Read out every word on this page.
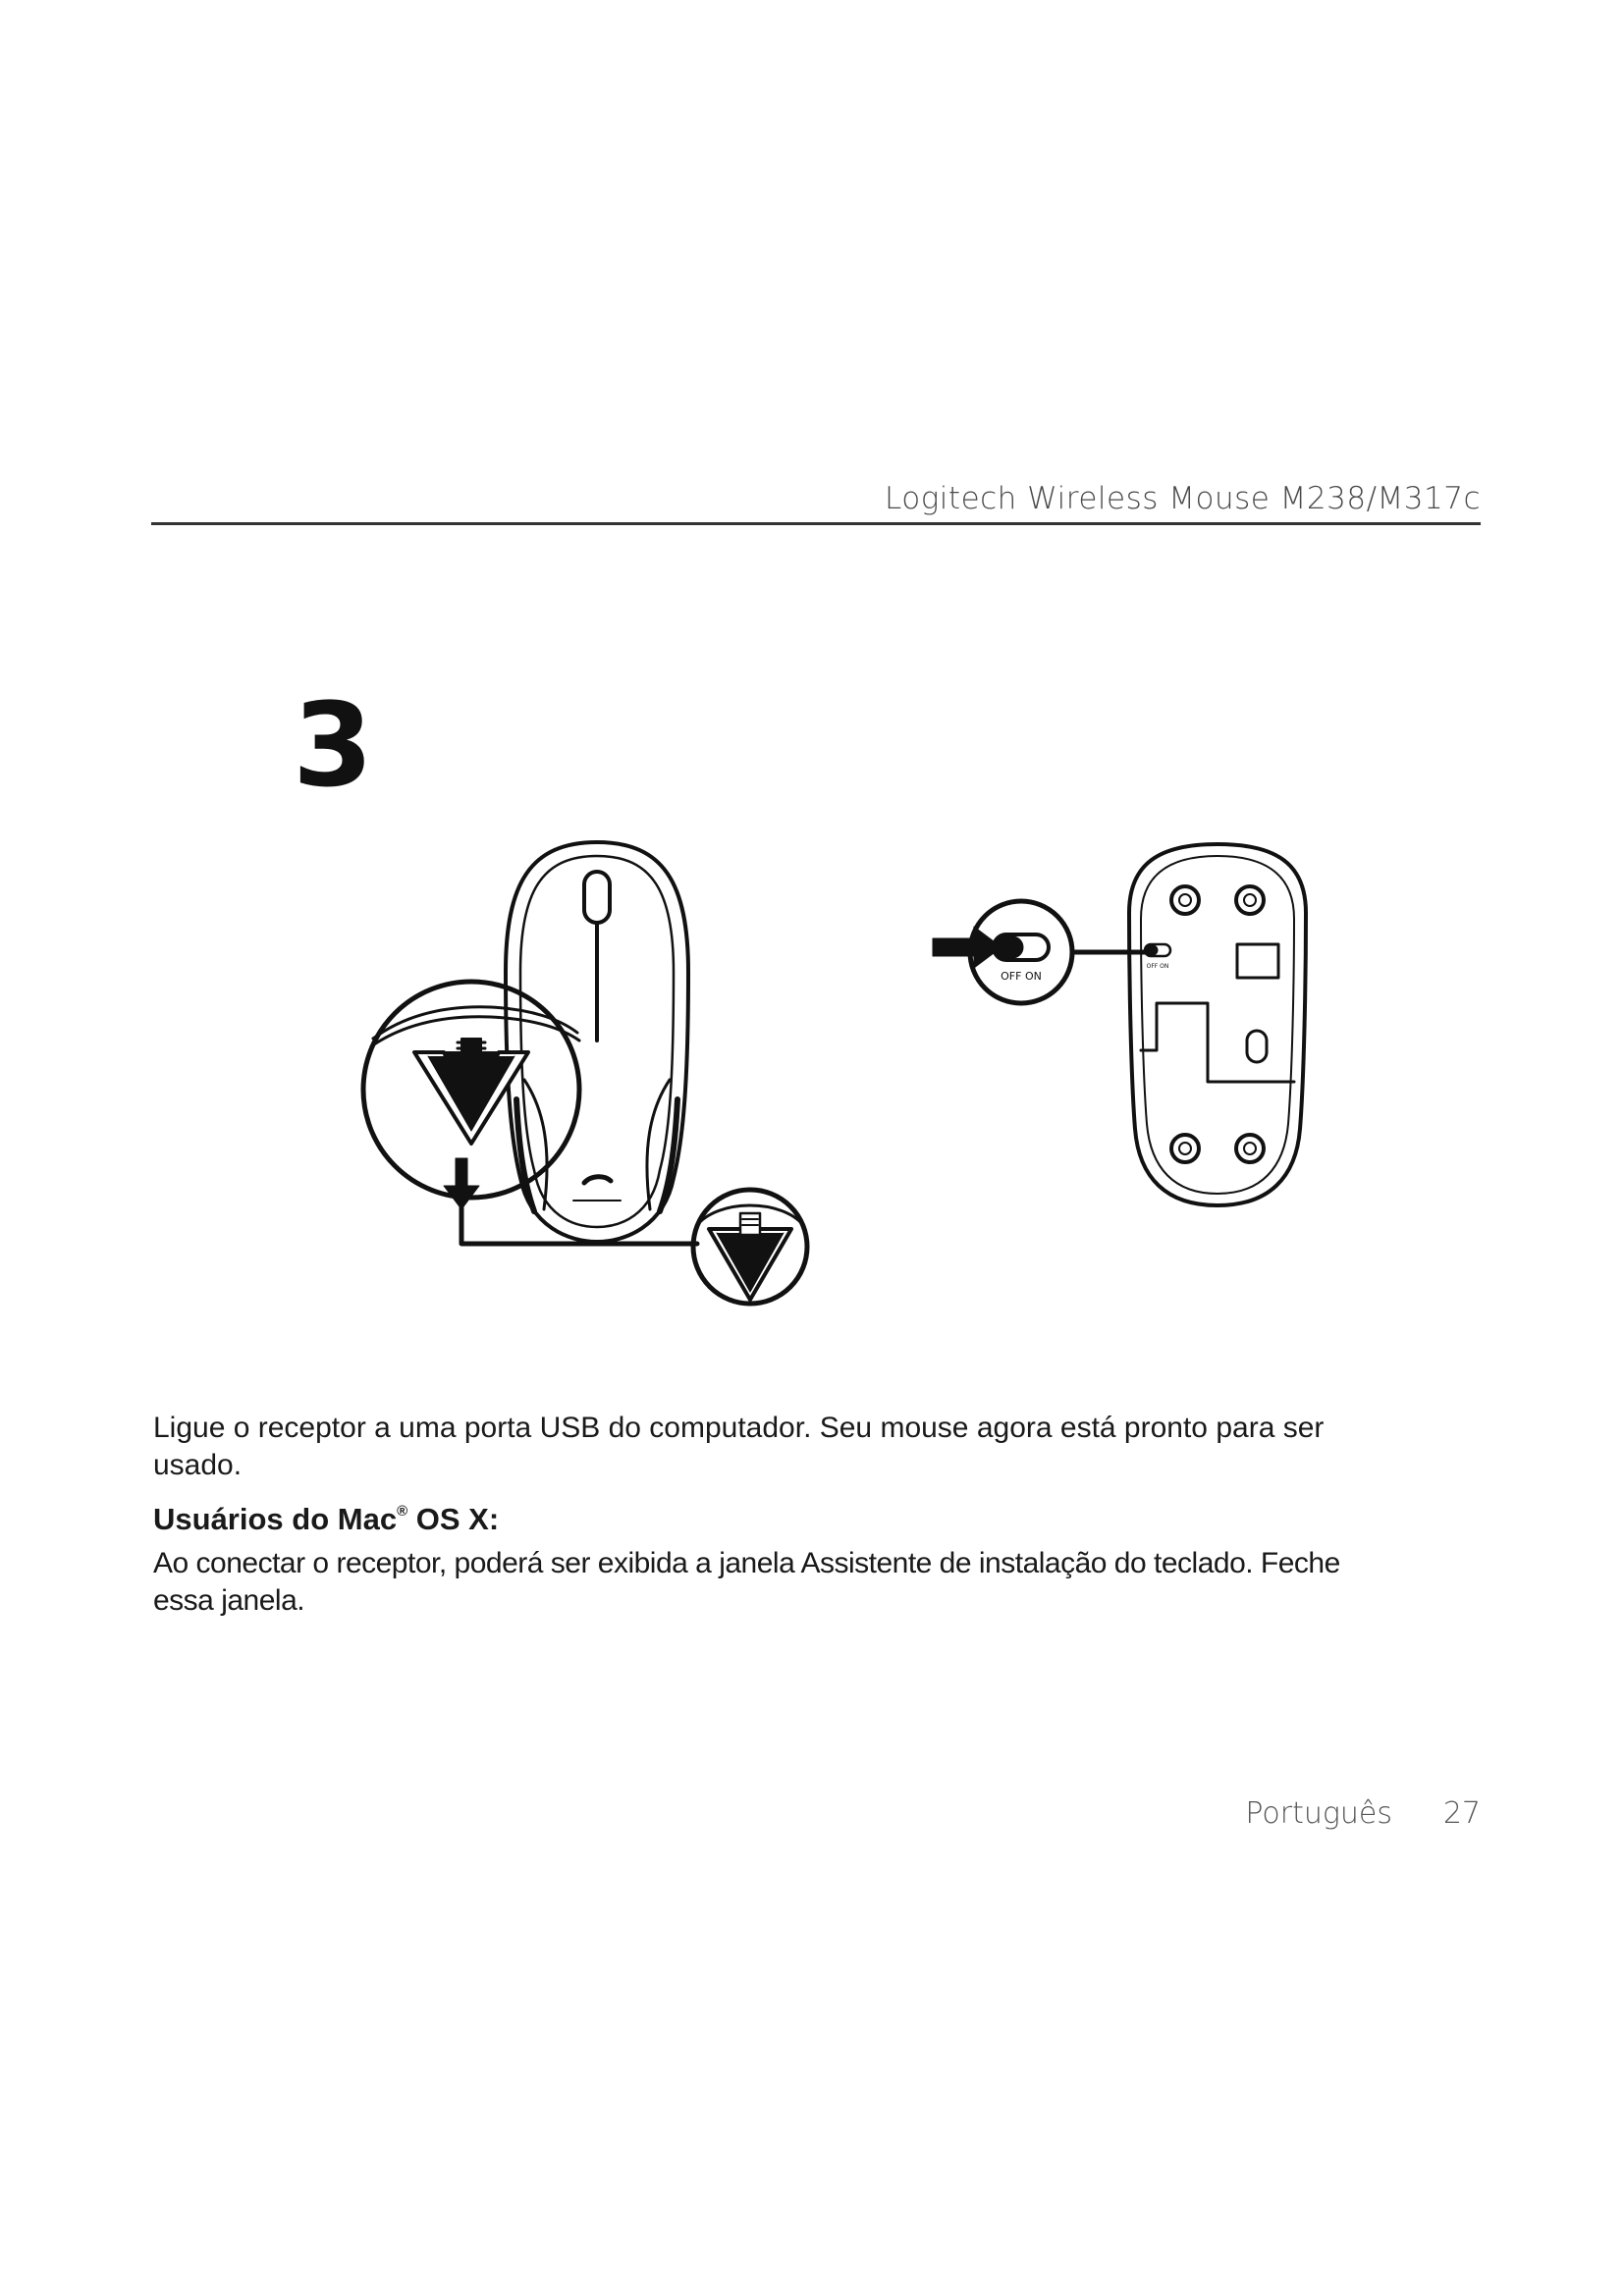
Logitech Wireless Mouse M238/M317c
3
OFF ON
OFF ON
Ligue o receptor a uma porta USB do computador. Seu mouse agora está pronto para ser usado.
Usuários do Mac® OS X:
Ao conectar o receptor, poderá ser exibida a janela Assistente de instalação do teclado. Feche essa janela.
Português 27
